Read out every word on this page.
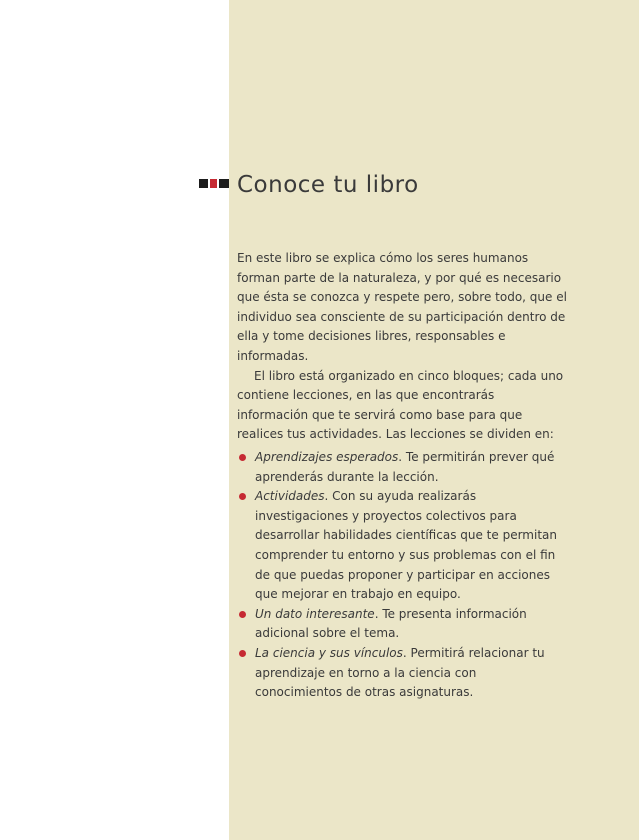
Conoce tu libro

En este libro se explica cómo los seres humanos forman parte de la naturaleza, y por qué es necesario que ésta se conozca y respete pero, sobre todo, que el individuo sea consciente de su participación dentro de ella y tome decisiones libres, responsables e informadas.

El libro está organizado en cinco bloques; cada uno contiene lecciones, en las que encontrarás información que te servirá como base para que realices tus actividades. Las lecciones se dividen en:

Aprendizajes esperados. Te permitirán prever qué aprenderás durante la lección.
Actividades. Con su ayuda realizarás investigaciones y proyectos colectivos para desarrollar habilidades científicas que te permitan comprender tu entorno y sus problemas con el fin de que puedas proponer y participar en acciones que mejorar en trabajo en equipo.
Un dato interesante. Te presenta información adicional sobre el tema.
La ciencia y sus vínculos. Permitirá relacionar tu aprendizaje en torno a la ciencia con conocimientos de otras asignaturas.
